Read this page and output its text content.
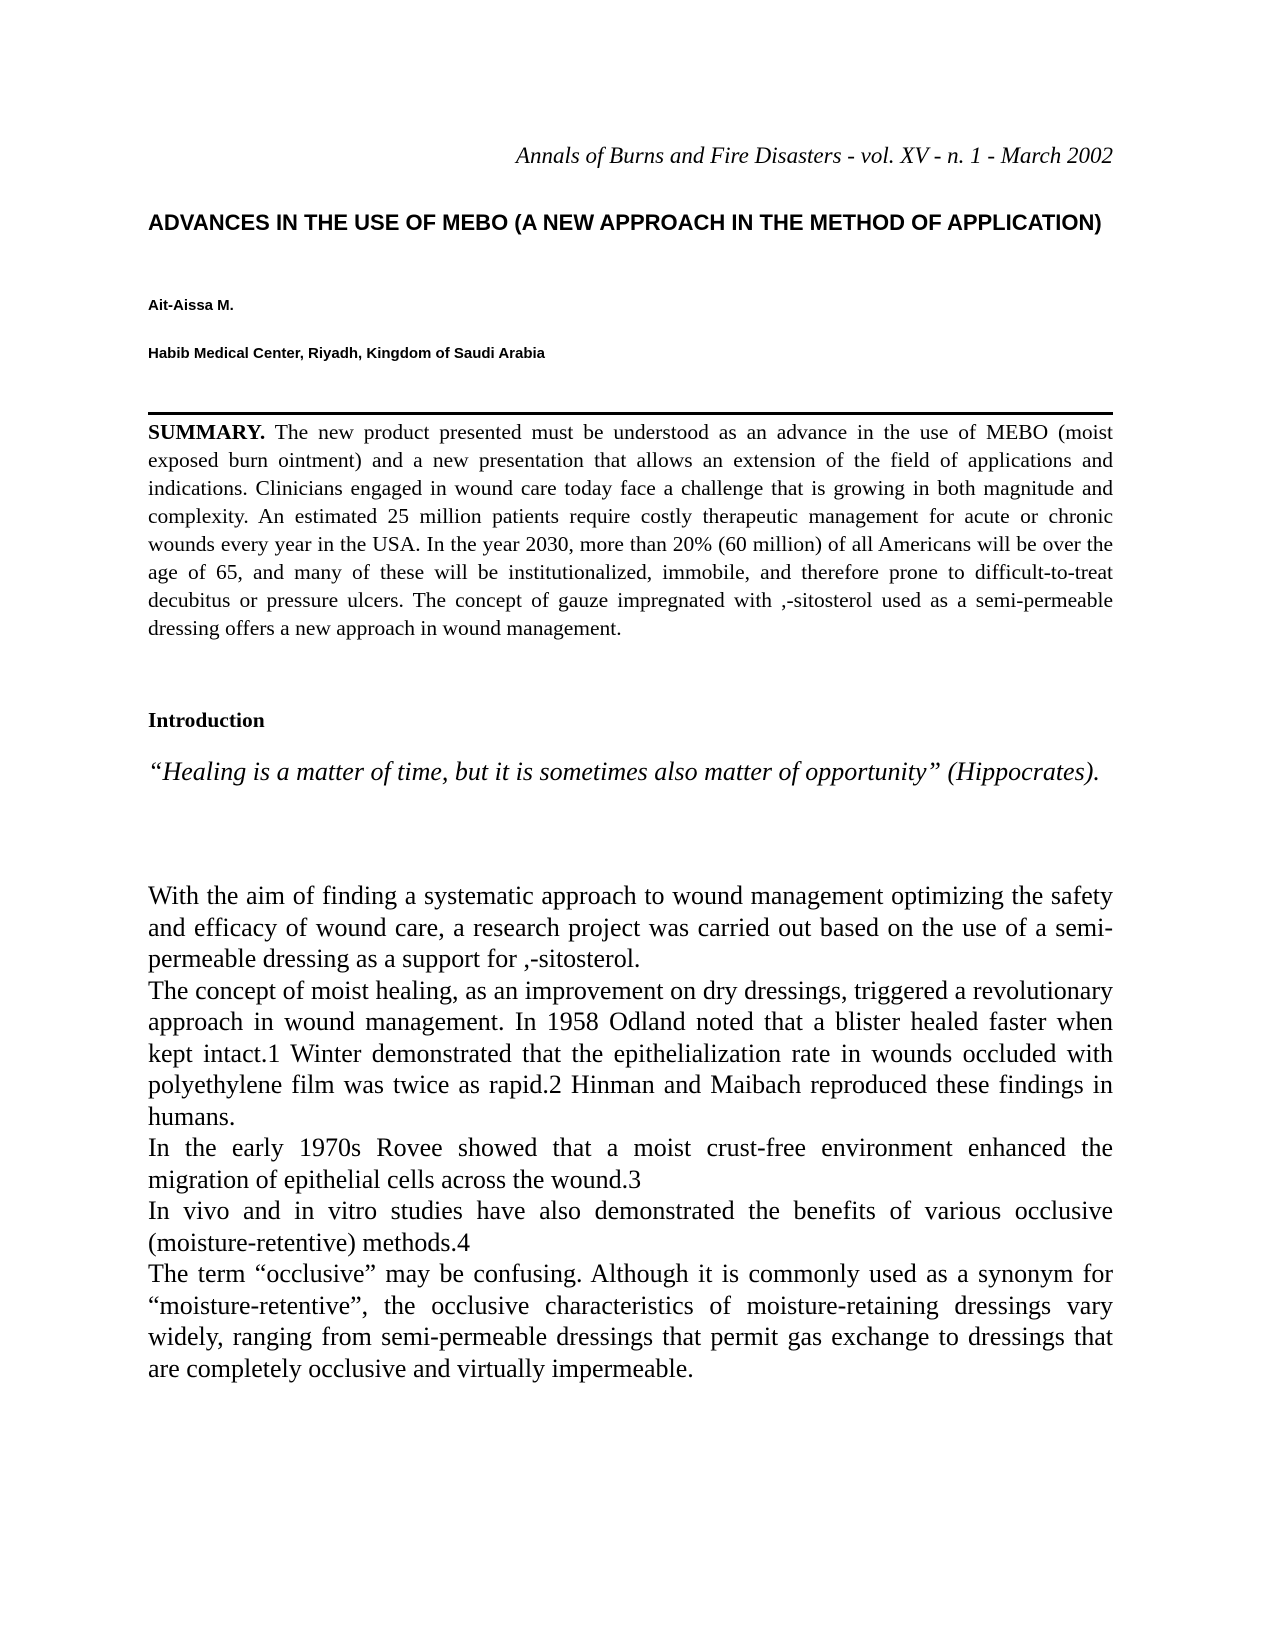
Annals of Burns and Fire Disasters - vol. XV - n. 1 - March 2002
ADVANCES IN THE USE OF MEBO (A NEW APPROACH IN THE METHOD OF APPLICATION)
Ait-Aissa M.
Habib Medical Center, Riyadh, Kingdom of Saudi Arabia

SUMMARY. The new product presented must be understood as an advance in the use of MEBO (moist exposed burn ointment) and a new presentation that allows an extension of the field of applications and indications. Clinicians engaged in wound care today face a challenge that is growing in both magnitude and complexity. An estimated 25 million patients require costly therapeutic management for acute or chronic wounds every year in the USA. In the year 2030, more than 20% (60 million) of all Americans will be over the age of 65, and many of these will be institutionalized, immobile, and therefore prone to difficult-to-treat decubitus or pressure ulcers. The concept of gauze impregnated with ,-sitosterol used as a semi-permeable dressing offers a new approach in wound management.

Introduction

“Healing is a matter of time, but it is sometimes also matter of opportunity” (Hippocrates).

With the aim of finding a systematic approach to wound management optimizing the safety and efficacy of wound care, a research project was carried out based on the use of a semi-permeable dressing as a support for ,-sitosterol.

The concept of moist healing, as an improvement on dry dressings, triggered a revolutionary approach in wound management. In 1958 Odland noted that a blister healed faster when kept intact.1 Winter demonstrated that the epithelialization rate in wounds occluded with polyethylene film was twice as rapid.2 Hinman and Maibach reproduced these findings in humans.

In the early 1970s Rovee showed that a moist crust-free environment enhanced the migration of epithelial cells across the wound.3

In vivo and in vitro studies have also demonstrated the benefits of various occlusive (moisture-retentive) methods.4

The term “occlusive” may be confusing. Although it is commonly used as a synonym for “moisture-retentive”, the occlusive characteristics of moisture-retaining dressings vary widely, ranging from semi-permeable dressings that permit gas exchange to dressings that are completely occlusive and virtually impermeable.
